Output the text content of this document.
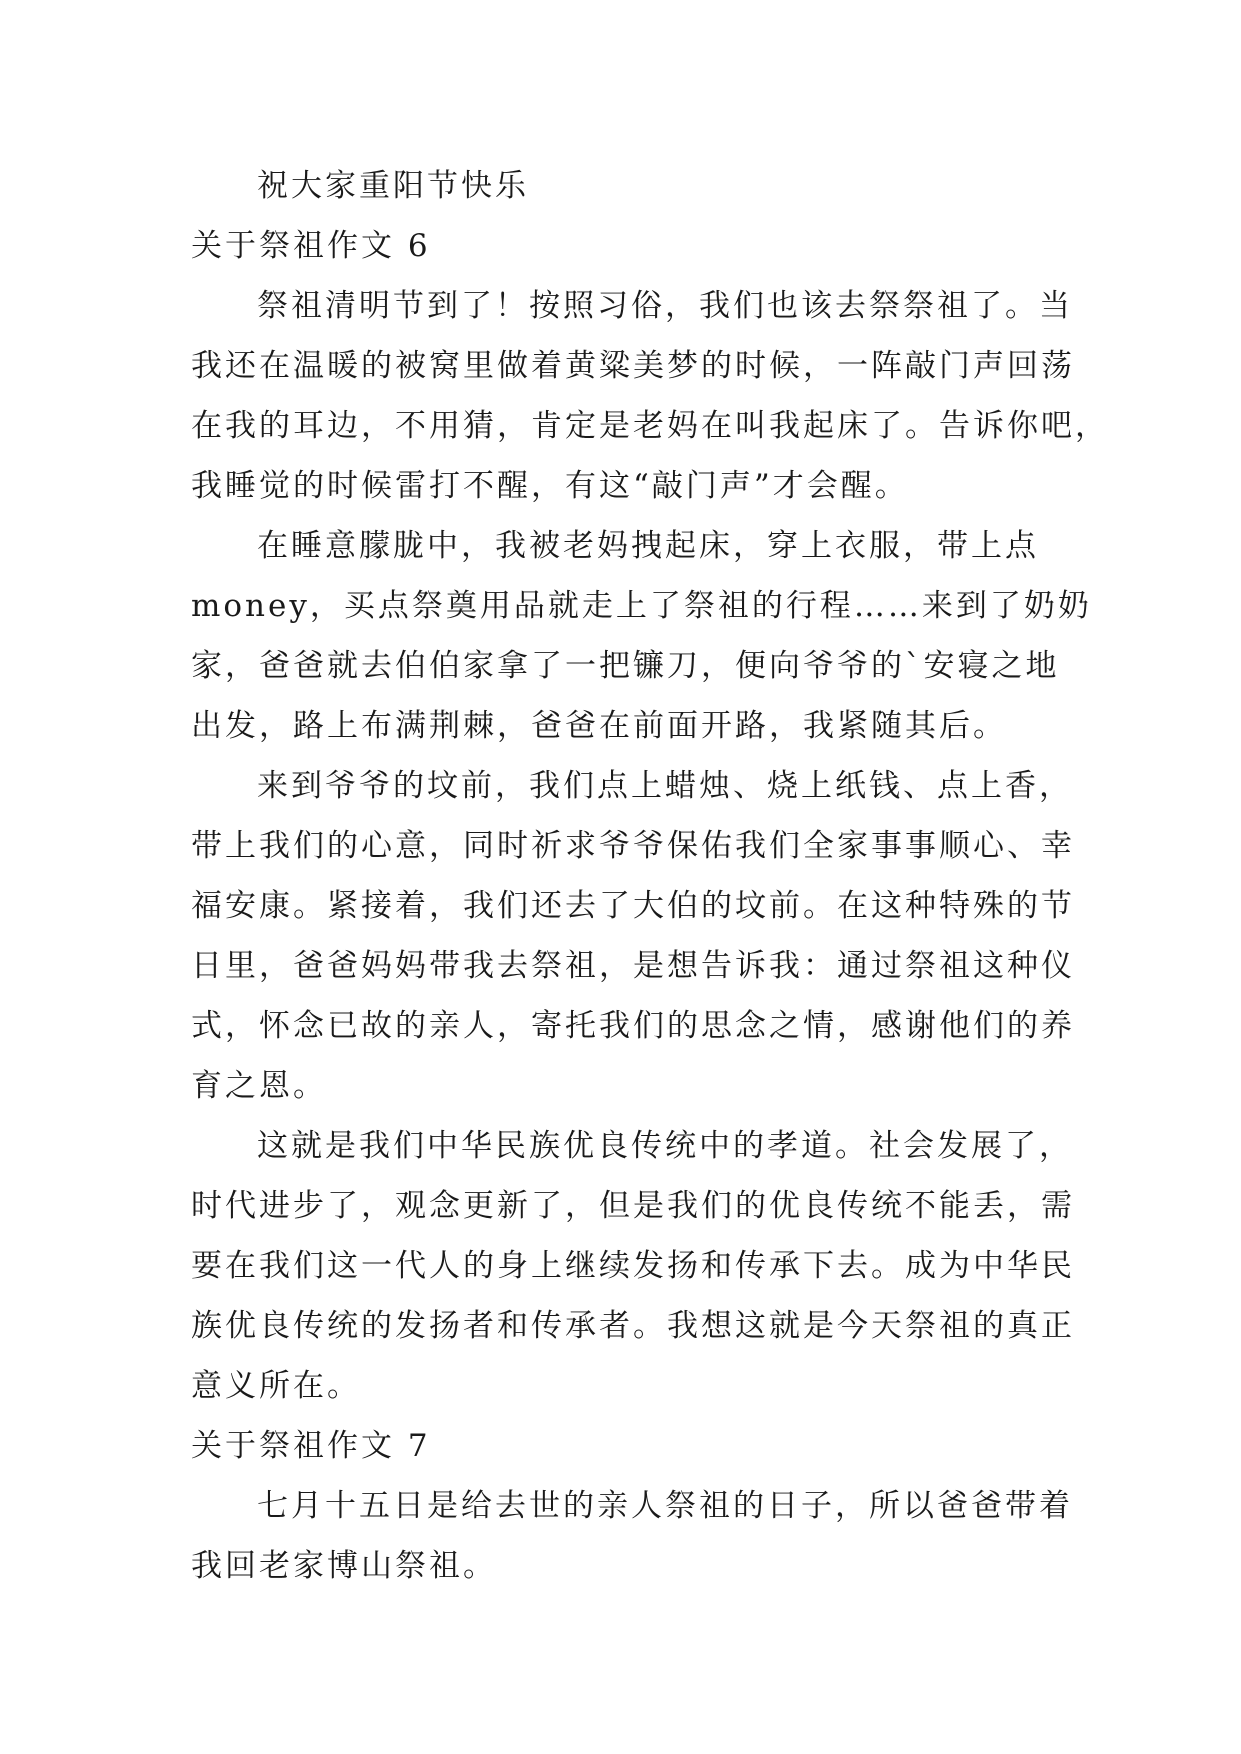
祝大家重阳节快乐
关于祭祖作文 6
祭祖清明节到了！按照习俗，我们也该去祭祭祖了。当
我还在温暖的被窝里做着黄粱美梦的时候，一阵敲门声回荡
在我的耳边，不用猜，肯定是老妈在叫我起床了。告诉你吧，
我睡觉的时候雷打不醒，有这“敲门声”才会醒。
在睡意朦胧中，我被老妈拽起床，穿上衣服，带上点
money，买点祭奠用品就走上了祭祖的行程……来到了奶奶
家，爸爸就去伯伯家拿了一把镰刀，便向爷爷的`安寝之地
出发，路上布满荆棘，爸爸在前面开路，我紧随其后。
来到爷爷的坟前，我们点上蜡烛、烧上纸钱、点上香，
带上我们的心意，同时祈求爷爷保佑我们全家事事顺心、幸
福安康。紧接着，我们还去了大伯的坟前。在这种特殊的节
日里，爸爸妈妈带我去祭祖，是想告诉我：通过祭祖这种仪
式，怀念已故的亲人，寄托我们的思念之情，感谢他们的养
育之恩。
这就是我们中华民族优良传统中的孝道。社会发展了，
时代进步了，观念更新了，但是我们的优良传统不能丢，需
要在我们这一代人的身上继续发扬和传承下去。成为中华民
族优良传统的发扬者和传承者。我想这就是今天祭祖的真正
意义所在。
关于祭祖作文 7
七月十五日是给去世的亲人祭祖的日子，所以爸爸带着
我回老家博山祭祖。
